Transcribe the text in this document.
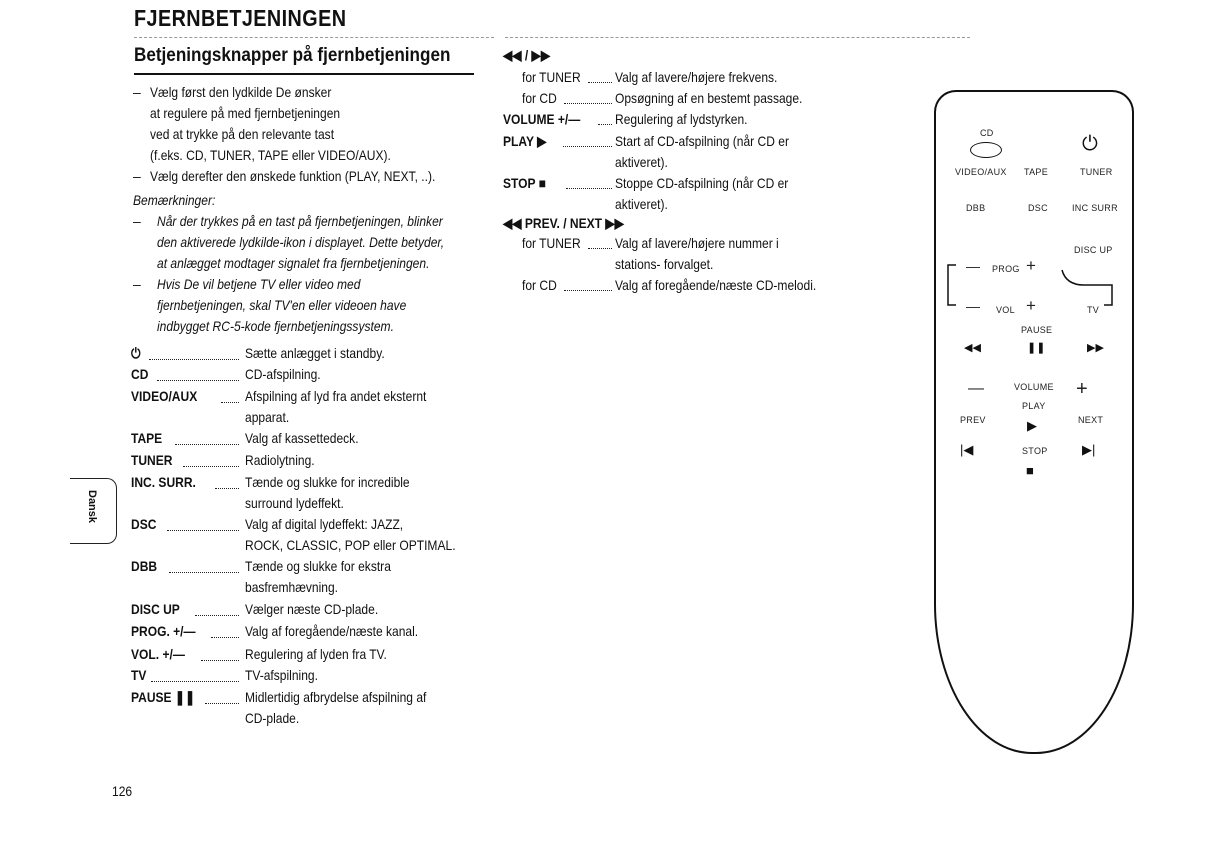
FJERNBETJENINGEN
Betjeningsknapper på fjernbetjeningen
– Vælg først den lydkilde De ønsker
at regulere på med fjernbetjeningen
ved at trykke på den relevante tast
(f.eks. CD, TUNER, TAPE eller VIDEO/AUX).
– Vælg derefter den ønskede funktion (PLAY, NEXT, ..).
Bemærkninger:
– Når der trykkes på en tast på fjernbetjeningen, blinker
den aktiverede lydkilde-ikon i displayet. Dette betyder,
at anlægget modtager signalet fra fjernbetjeningen.
– Hvis De vil betjene TV eller video med
fjernbetjeningen, skal TV'en eller videoen have
indbygget RC-5-kode fjernbetjeningssystem.
⏻	Sætte anlægget i standby.
CD	CD-afspilning.
VIDEO/AUX	Afspilning af lyd fra andet eksternt
apparat.
TAPE	Valg af kassettedeck.
TUNER	Radiolytning.
INC. SURR.	Tænde og slukke for incredible
surround lydeffekt.
DSC	Valg af digital lydeffekt: JAZZ,
ROCK, CLASSIC, POP eller OPTIMAL.
DBB	Tænde og slukke for ekstra
basfremhævning.
DISC UP	Vælger næste CD-plade.
PROG. +/—	Valg af foregående/næste kanal.
VOL. +/—	Regulering af lyden fra TV.
TV	TV-afspilning.
PAUSE ❚❚	Midlertidig afbrydelse afspilning af
CD-plade.
◀◀ / ▶▶
for TUNER Valg af lavere/højere frekvens.
for CD	Opsøgning af en bestemt passage.
VOLUME +/— Regulering af lydstyrken.
PLAY ▶	Start af CD-afspilning (når CD er
aktiveret).
STOP ■	Stoppe CD-afspilning (når CD er
aktiveret).
◀◀ PREV. / NEXT ▶▶
for TUNER Valg af lavere/højere nummer i
stations- forvalget.
for CD	Valg af foregående/næste CD-melodi.
Dansk
126
CD	⏻
VIDEO/AUX TAPE	TUNER
DBB	DSC	INC SURR
DISC UP
— PROG +
— VOL +	TV
PAUSE
◀◀	❚❚	▶▶
—	VOLUME +
PLAY
PREV	NEXT
▶
|◀	STOP	▶|
■
